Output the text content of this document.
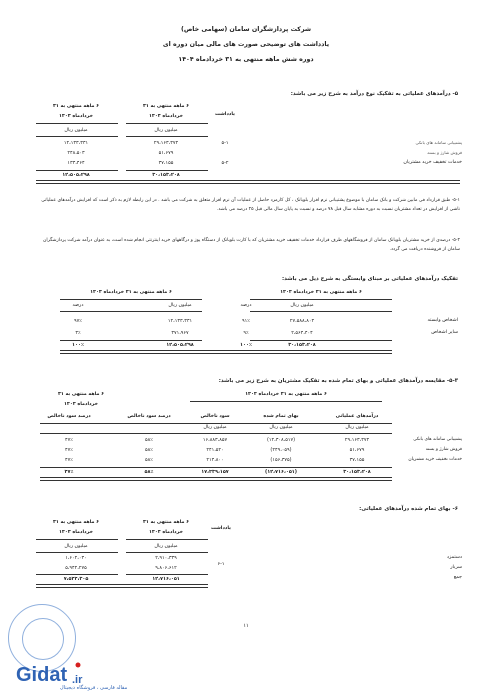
شرکت پردازشگران سامان (سهامی خاص)
یادداشت های توضیحی صورت های مالی میان دوره ای
دوره شش ماهه منتهی به ۳۱ خردادماه ۱۴۰۴
۵- درآمدهای عملیاتی به تفکیک نوع درآمد به شرح زیر می باشد:
۶ ماهه منتهی به ۳۱
خردادماه ۱۴۰۴
۶ ماهه منتهی به ۳۱
خردادماه ۱۴۰۳	یادداشت
میلیون ریال
میلیون ریال
پشتیبانی سامانه های بانکی
۵-۱
۲۹،۱۶۳،۳۷۴
۱۲،۱۳۳،۳۳۱
فروش شارژ و بسته
۵۱،۶۷۹
۲۴۸،۵۰۳
خدمات تخفیف خرید مشتریان
۵-۲
۳۷،۱۵۵
۱۳۳،۴۶۴
۳۰،۱۵۳،۲۰۸
۱۲،۵۰۵،۲۹۸
۵-۱- طبق قرارداد فی مابین شرکت و بانک سامان با موضوع پشتیبانی نرم افزار بلوبانک ، کل کارمزد حاصل از عملیات آن نرم افزار متعلق به شرکت می باشد . در این رابطه لازم به ذکر است که افزایش درآمدهای عملیاتی ناشی از افزایش در تعداد مشتریان نسبت به دوره مشابه سال قبل ۷۸ درصد و نسبت به پایان سال مالی قبل ۲۵ درصد می باشد.
۵-۲- درصدی از خرید مشتریان بلوبانک سامان از فروشگاههای طرف قرارداد خدمات تخفیف خرید مشتریان که با کارت بلوبانک از دستگاه پوز و درگاههای خرید اینترنتی انجام شده است، به عنوان درآمد شرکت پردازشگران سامان از فروشنده دریافت می گردد.
تفکیک درآمدهای عملیاتی بر مبنای وابستگی به شرح ذیل می باشد:
۶ ماهه منتهی به ۳۱ خردادماه ۱۴۰۴
۶ ماهه منتهی به ۳۱ خردادماه ۱۴۰۳
میلیون ریال
درصد
میلیون ریال
درصد
اشخاص وابسته
۲۷،۵۸۸،۸۰۴
۹۱٪
۱۲،۱۳۳،۳۳۱
۹۷٪
سایر اشخاص
۲،۵۶۴،۴۰۴
۹٪
۳۷۱،۹۶۷
۳٪
۳۰،۱۵۳،۲۰۸
۱۰۰٪
۱۲،۵۰۵،۲۹۸
۱۰۰٪
۵-۳- مقایسه درآمدهای عملیاتی و بهای تمام شده به تفکیک مشتریان به شرح زیر می باشد:
۶ ماهه منتهی به ۳۱ خردادماه ۱۴۰۴
۶ ماهه منتهی به ۳۱
خردادماه ۱۴۰۳
درآمدهای عملیاتی
بهای تمام شده
سود ناخالص
درصد سود ناخالص
درصد سود ناخالص
میلیون ریال
میلیون ریال
میلیون ریال
پشتیبانی سامانه های بانکی
۲۹،۱۶۳،۳۷۴
(۱۲،۳۰۸،۵۱۷)
۱۶،۸۸۳،۸۵۷
۵۸٪
۴۷٪
فروش شارژ و بسته
۵۱،۶۷۹
(۲۴۹،۰۵۹)
۲۴۱،۵۲۰
۵۸٪
۴۷٪
خدمات تخفیف خرید مشتریان
۳۷،۱۵۵
(۱۵۶،۳۷۵)
۲۱۴،۸۰۰
۵۸٪
۴۷٪
۳۰،۱۵۳،۲۰۸
(۱۲،۷۱۶،۰۵۱)
۱۷،۴۳۹،۱۵۷
۵۸٪
۴۷٪
۶- بهای تمام شده درآمدهای عملیاتی:
۶ ماهه منتهی به ۳۱
خردادماه ۱۴۰۴
۶ ماهه منتهی به ۳۱
خردادماه ۱۴۰۳
یادداشت
میلیون ریال
میلیون ریال
دستمزد
۲،۹۱۰،۳۳۹
۱،۶۰۲،۰۳۰
۶-۱
سربار
۹،۸۰۶،۶۱۲
۵،۹۴۲،۲۷۵
جمع
۱۲،۷۱۶،۰۵۱
۷،۵۴۴،۳۰۵
۱۱
Gidat .ir
مقاله فارسی ، فروشگاه دیجیتال
